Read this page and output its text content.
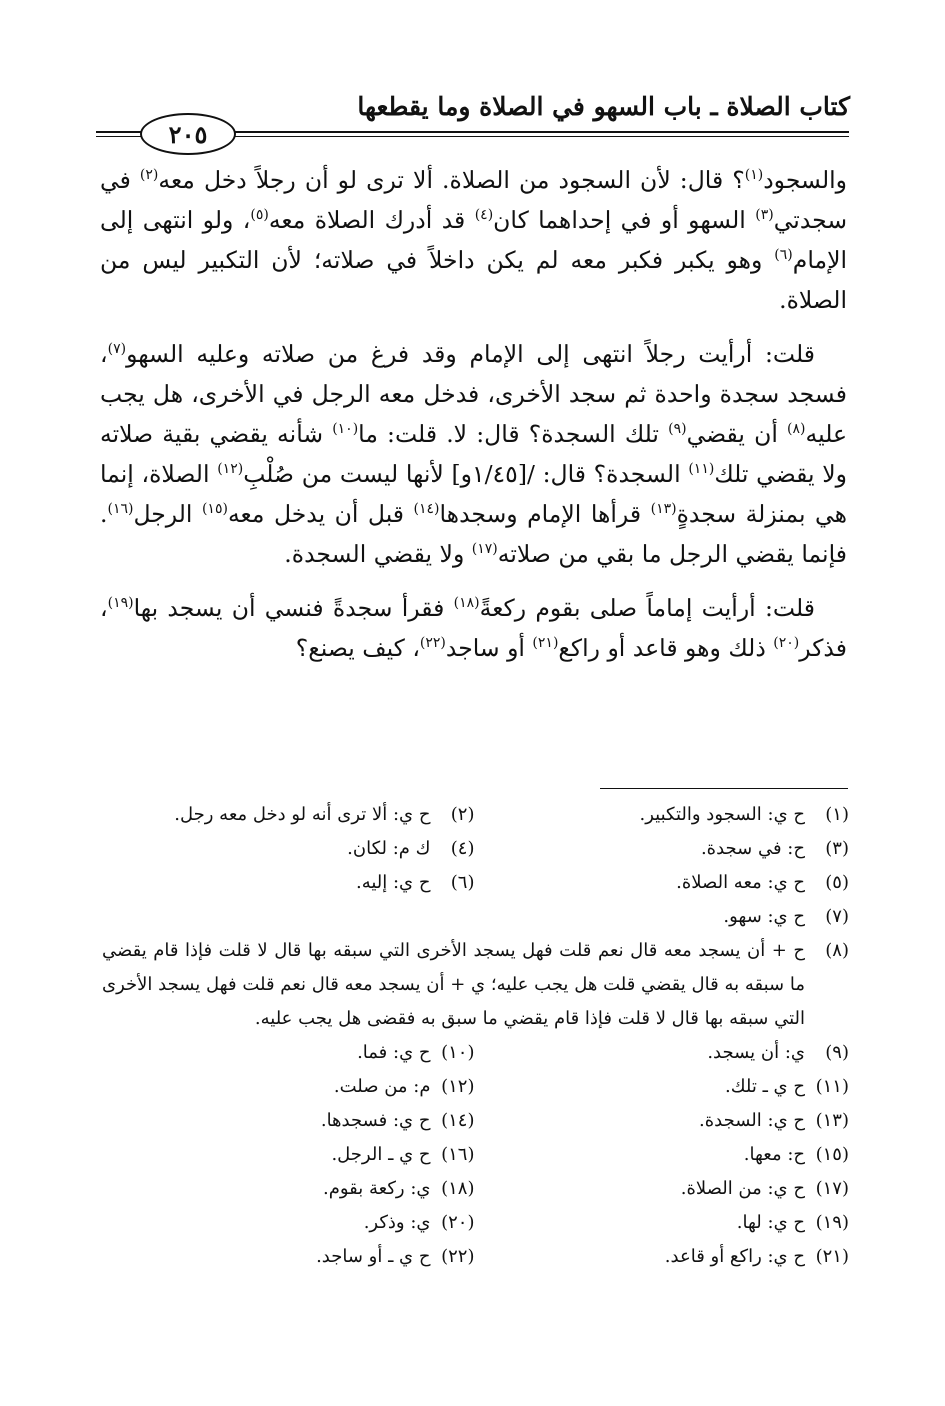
كتاب الصلاة ـ باب السهو في الصلاة وما يقطعها
٢٠٥

والسجود$^{(١)}$؟ قال: لأن السجود من الصلاة. ألا ترى لو أن رجلاً دخل معه$^{(٢)}$ في سجدتي$^{(٣)}$ السهو أو في إحداهما كان$^{(٤)}$ قد أدرك الصلاة معه$^{(٥)}$، ولو انتهى إلى الإمام$^{(٦)}$ وهو يكبر فكبر معه لم يكن داخلاً في صلاته؛ لأن التكبير ليس من الصلاة.

قلت: أرأيت رجلاً انتهى إلى الإمام وقد فرغ من صلاته وعليه السهو$^{(٧)}$، فسجد سجدة واحدة ثم سجد الأخرى، فدخل معه الرجل في الأخرى، هل يجب عليه$^{(٨)}$ أن يقضي$^{(٩)}$ تلك السجدة؟ قال: لا. قلت: ما$^{(١٠)}$ شأنه يقضي بقية صلاته ولا يقضي تلك$^{(١١)}$ السجدة؟ قال: /[١/٤٥و] لأنها ليست من صُلْبِ$^{(١٢)}$ الصلاة، إنما هي بمنزلة سجدةٍ$^{(١٣)}$ قرأها الإمام وسجدها$^{(١٤)}$ قبل أن يدخل معه$^{(١٥)}$ الرجل$^{(١٦)}$. فإنما يقضي الرجل ما بقي من صلاته$^{(١٧)}$ ولا يقضي السجدة.

قلت: أرأيت إماماً صلى بقوم ركعةً$^{(١٨)}$ فقرأ سجدةً فنسي أن يسجد بها$^{(١٩)}$، فذكر$^{(٢٠)}$ ذلك وهو قاعد أو راكع$^{(٢١)}$ أو ساجد$^{(٢٢)}$، كيف يصنع؟

(١)ح ي: السجود والتكبير.
(٢)ح ي: ألا ترى أنه لو دخل معه رجل.
(٣)ح: في سجدة.
(٤)ك م: لكان.
(٥)ح ي: معه الصلاة.
(٦)ح ي: إليه.
(٧)ح ي: سهو.
(٨)
ح + أن يسجد معه قال نعم قلت فهل يسجد الأخرى التي سبقه بها قال لا قلت فإذا قام يقضي ما سبقه به قال يقضي قلت هل يجب عليه؛ ي + أن يسجد معه قال نعم قلت فهل يسجد الأخرى التي سبقه بها قال لا قلت فإذا قام يقضي ما سبق به فقضى هل يجب عليه.
(٩)ي: أن يسجد.
(١٠)ح ي: فما.
(١١)ح ي ـ تلك.
(١٢)م: من صلت.
(١٣)ح ي: السجدة.
(١٤)ح ي: فسجدها.
(١٥)ح: معها.
(١٦)ح ي ـ الرجل.
(١٧)ح ي: من الصلاة.
(١٨)ي: ركعة بقوم.
(١٩)ح ي: لها.
(٢٠)ي: وذكر.
(٢١)ح ي: راكع أو قاعد.
(٢٢)ح ي ـ أو ساجد.
